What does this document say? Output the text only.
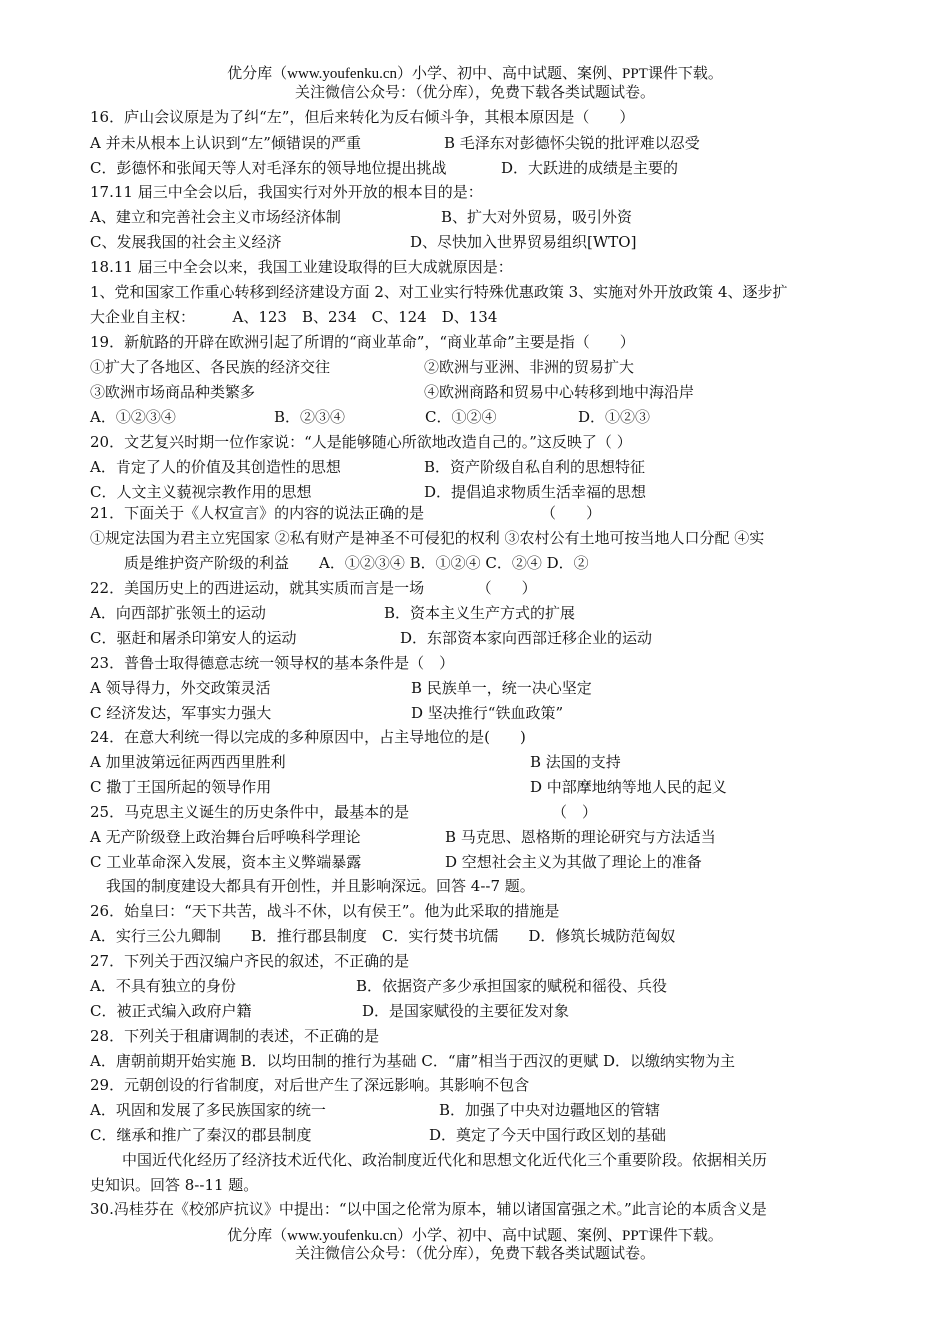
优分库（www.youfenku.cn）小学、初中、高中试题、案例、PPT课件下载。
关注微信公众号：（优分库），免费下载各类试题试卷。
16．庐山会议原是为了纠“左”，但后来转化为反右倾斗争，其根本原因是（　　）
A 并未从根本上认识到“左”倾错误的严重	B 毛泽东对彭德怀尖锐的批评难以忍受
C．彭德怀和张闻天等人对毛泽东的领导地位提出挑战	D．大跃进的成绩是主要的
17.11 届三中全会以后，我国实行对外开放的根本目的是：
A、建立和完善社会主义市场经济体制	B、扩大对外贸易，吸引外资
C、发展我国的社会主义经济	D、尽快加入世界贸易组织[WTO]
18.11 届三中全会以来，我国工业建设取得的巨大成就原因是：
1、党和国家工作重心转移到经济建设方面 2、对工业实行特殊优惠政策 3、实施对外开放政策 4、逐步扩
大企业自主权：　　　A、123　B、234　C、124　D、134
19．新航路的开辟在欧洲引起了所谓的“商业革命”，“商业革命”主要是指（　　）
①扩大了各地区、各民族的经济交往	②欧洲与亚洲、非洲的贸易扩大
③欧洲市场商品种类繁多	④欧洲商路和贸易中心转移到地中海沿岸
A．①②③④	B．②③④	C．①②④	D．①②③
20．文艺复兴时期一位作家说：“人是能够随心所欲地改造自己的。”这反映了（ ）
A．肯定了人的价值及其创造性的思想	B．资产阶级自私自利的思想特征
C．人文主义藐视宗教作用的思想	D．提倡追求物质生活幸福的思想
21．下面关于《人权宣言》的内容的说法正确的是	（　　）
①规定法国为君主立宪国家 ②私有财产是神圣不可侵犯的权利 ③农村公有土地可按当地人口分配 ④实
质是维护资产阶级的利益　　A．①②③④ B．①②④ C．②④ D．②
22．美国历史上的西进运动，就其实质而言是一场　　　　（　　）
A．向西部扩张领土的运动	B．资本主义生产方式的扩展
C．驱赶和屠杀印第安人的运动	D．东部资本家向西部迁移企业的运动
23．普鲁士取得德意志统一领导权的基本条件是（　）
A 领导得力，外交政策灵活	B 民族单一，统一决心坚定
C 经济发达，军事实力强大	D 坚决推行“铁血政策”
24．在意大利统一得以完成的多种原因中，占主导地位的是(　　)
A 加里波第远征两西西里胜利	B 法国的支持
C 撒丁王国所起的领导作用	D 中部摩地纳等地人民的起义
25．马克思主义诞生的历史条件中，最基本的是	（　）
A 无产阶级登上政治舞台后呼唤科学理论	B 马克思、恩格斯的理论研究与方法适当
C 工业革命深入发展，资本主义弊端暴露	D 空想社会主义为其做了理论上的准备
我国的制度建设大都具有开创性，并且影响深远。回答 4--7 题。
26．始皇曰：“天下共苦，战斗不休，以有侯王”。他为此采取的措施是
A．实行三公九卿制　　B．推行郡县制度　C．实行焚书坑儒　　D．修筑长城防范匈奴
27．下列关于西汉编户齐民的叙述，不正确的是
A．不具有独立的身份	B．依据资产多少承担国家的赋税和徭役、兵役
C．被正式编入政府户籍	D．是国家赋役的主要征发对象
28．下列关于租庸调制的表述，不正确的是
A．唐朝前期开始实施 B．以均田制的推行为基础 C．“庸”相当于西汉的更赋 D．以缴纳实物为主
29．元朝创设的行省制度，对后世产生了深远影响。其影响不包含
A．巩固和发展了多民族国家的统一	B．加强了中央对边疆地区的管辖
C．继承和推广了秦汉的郡县制度	D．奠定了今天中国行政区划的基础
中国近代化经历了经济技术近代化、政治制度近代化和思想文化近代化三个重要阶段。依据相关历
史知识。回答 8--11 题。
30.冯桂芬在《校邠庐抗议》中提出：“以中国之伦常为原本，辅以诸国富强之术。”此言论的本质含义是
优分库（www.youfenku.cn）小学、初中、高中试题、案例、PPT课件下载。
关注微信公众号：（优分库），免费下载各类试题试卷。
